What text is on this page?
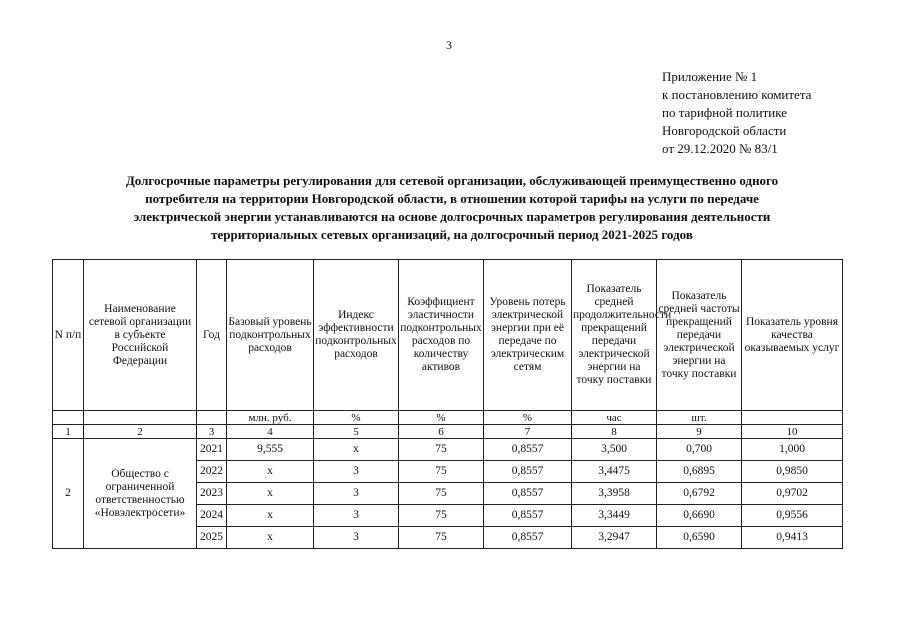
3
Приложение № 1
к постановлению комитета
по тарифной политике
Новгородской области
от 29.12.2020 № 83/1
Долгосрочные параметры регулирования для сетевой организации, обслуживающей преимущественно одного
потребителя на территории Новгородской области, в отношении которой тарифы на услуги по передаче
электрической энергии устанавливаются на основе долгосрочных параметров регулирования деятельности
территориальных сетевых организаций, на долгосрочный период 2021-2025 годов
N п/п	Наименование сетевой организации в субъекте Российской Федерации	Год	Базовый уровень подконтрольных расходов	Индекс эффективности подконтрольных расходов	Коэффициент эластичности подконтрольных расходов по количеству активов	Уровень потерь электрической энергии при её передаче по электрическим сетям	Показатель средней продолжительности прекращений передачи электрической энергии на точку поставки	Показатель средней частоты прекращений передачи электрической энергии на точку поставки	Показатель уровня качества оказываемых услуг
			млн. руб.	%	%	%	час	шт.	
1	2	3	4	5	6	7	8	9	10
2	Общество с ограниченной ответственностью «Новэлектросети»	2021	9,555	x	75	0,8557	3,500	0,700	1,000
		2022	x	3	75	0,8557	3,4475	0,6895	0,9850
		2023	x	3	75	0,8557	3,3958	0,6792	0,9702
		2024	x	3	75	0,8557	3,3449	0,6690	0,9556
		2025	x	3	75	0,8557	3,2947	0,6590	0,9413
